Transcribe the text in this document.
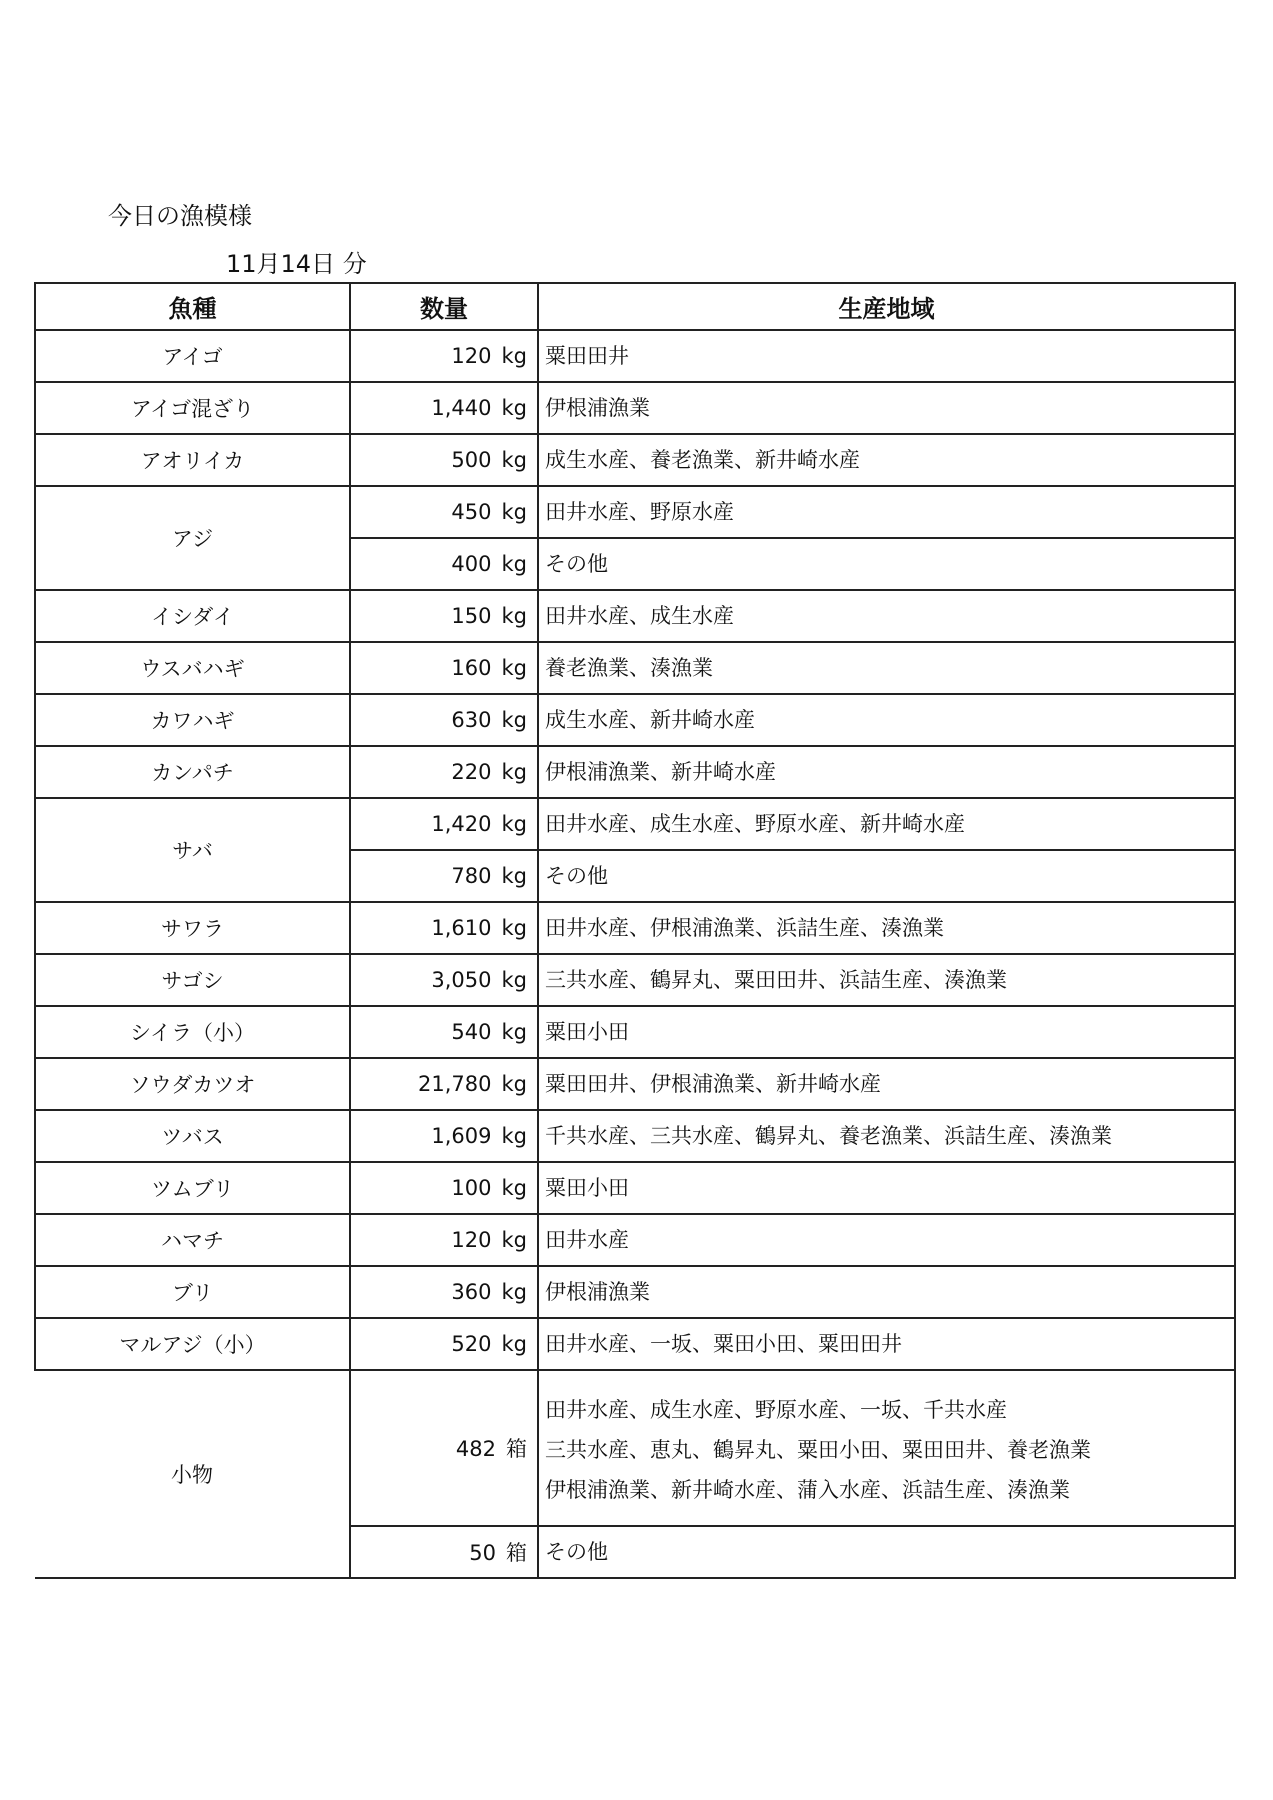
今日の漁模様
11月14日 分
魚種	数量	生産地域
アイゴ	120 kg	粟田田井

アイゴ混ざり	1,440 kg	伊根浦漁業

アオリイカ	500 kg	成生水産、養老漁業、新井崎水産

アジ	450 kg	田井水産、野原水産

	400 kg	その他

イシダイ	150 kg	田井水産、成生水産

ウスバハギ	160 kg	養老漁業、湊漁業

カワハギ	630 kg	成生水産、新井崎水産

カンパチ	220 kg	伊根浦漁業、新井崎水産

サバ	1,420 kg	田井水産、成生水産、野原水産、新井崎水産

	780 kg	その他

サワラ	1,610 kg	田井水産、伊根浦漁業、浜詰生産、湊漁業

サゴシ	3,050 kg	三共水産、鶴昇丸、粟田田井、浜詰生産、湊漁業

シイラ（小）	540 kg	粟田小田

ソウダカツオ	21,780 kg	粟田田井、伊根浦漁業、新井崎水産

ツバス	1,609 kg	千共水産、三共水産、鶴昇丸、養老漁業、浜詰生産、湊漁業

ツムブリ	100 kg	粟田小田

ハマチ	120 kg	田井水産

ブリ	360 kg	伊根浦漁業

マルアジ（小）	520 kg	田井水産、一坂、粟田小田、粟田田井

小物	482 箱	田井水産、成生水産、野原水産、一坂、千共水産
三共水産、恵丸、鶴昇丸、粟田小田、粟田田井、養老漁業
伊根浦漁業、新井崎水産、蒲入水産、浜詰生産、湊漁業

	50 箱	その他
